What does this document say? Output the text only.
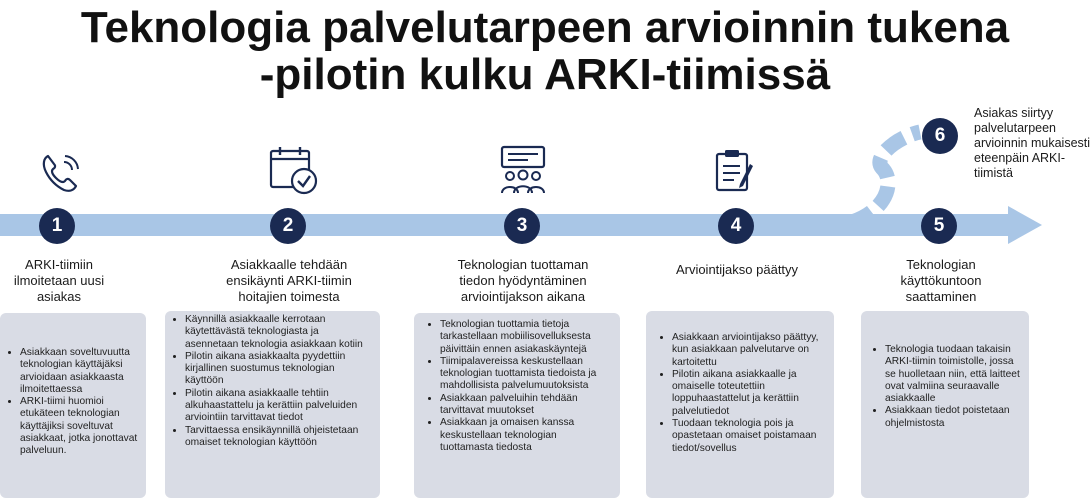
Teknologia palvelutarpeen arvioinnin tukena
-pilotin kulku ARKI-tiimissä
1	2	3	4	5
6
Asiakas siirtyy
palvelutarpeen
arvioinnin mukaisesti
eteenpäin ARKI-
tiimistä
ARKI-tiimiin
ilmoitetaan uusi
asiakas
Asiakkaalle tehdään
ensikäynti ARKI-tiimin
hoitajien toimesta
Teknologian tuottaman
tiedon hyödyntäminen
arviointijakson aikana
Arviointijakso päättyy	Teknologian
käyttökuntoon
saattaminen
• Asiakkaan soveltuvuutta teknologian käyttäjäksi arvioidaan asiakkaasta ilmoitettaessa
• ARKI-tiimi huomioi etukäteen teknologian käyttäjiksi soveltuvat asiakkaat, jotka jonottavat palveluun.
• Käynnillä asiakkaalle kerrotaan käytettävästä teknologiasta ja asennetaan teknologia asiakkaan kotiin
• Pilotin aikana asiakkaalta pyydettiin kirjallinen suostumus teknologian käyttöön
• Pilotin aikana asiakkaalle tehtiin alkuhaastattelu ja kerättiin palveluiden arviointiin tarvittavat tiedot
• Tarvittaessa ensikäynnillä ohjeistetaan omaiset teknologian käyttöön
• Teknologian tuottamia tietoja tarkastellaan mobiilisovelluksesta päivittäin ennen asiakaskäyntejä
• Tiimipalavereissa keskustellaan teknologian tuottamista tiedoista ja mahdollisista palvelumuutoksista
• Asiakkaan palveluihin tehdään tarvittavat muutokset
• Asiakkaan ja omaisen kanssa keskustellaan teknologian tuottamasta tiedosta
• Asiakkaan arviointijakso päättyy, kun asiakkaan palvelutarve on kartoitettu
• Pilotin aikana asiakkaalle ja omaiselle toteutettiin loppuhaastattelut ja kerättiin palvelutiedot
• Tuodaan teknologia pois ja opastetaan omaiset poistamaan tiedot/sovellus
• Teknologia tuodaan takaisin ARKI-tiimin toimistolle, jossa se huolletaan niin, että laitteet ovat valmiina seuraavalle asiakkaalle
• Asiakkaan tiedot poistetaan ohjelmistosta
